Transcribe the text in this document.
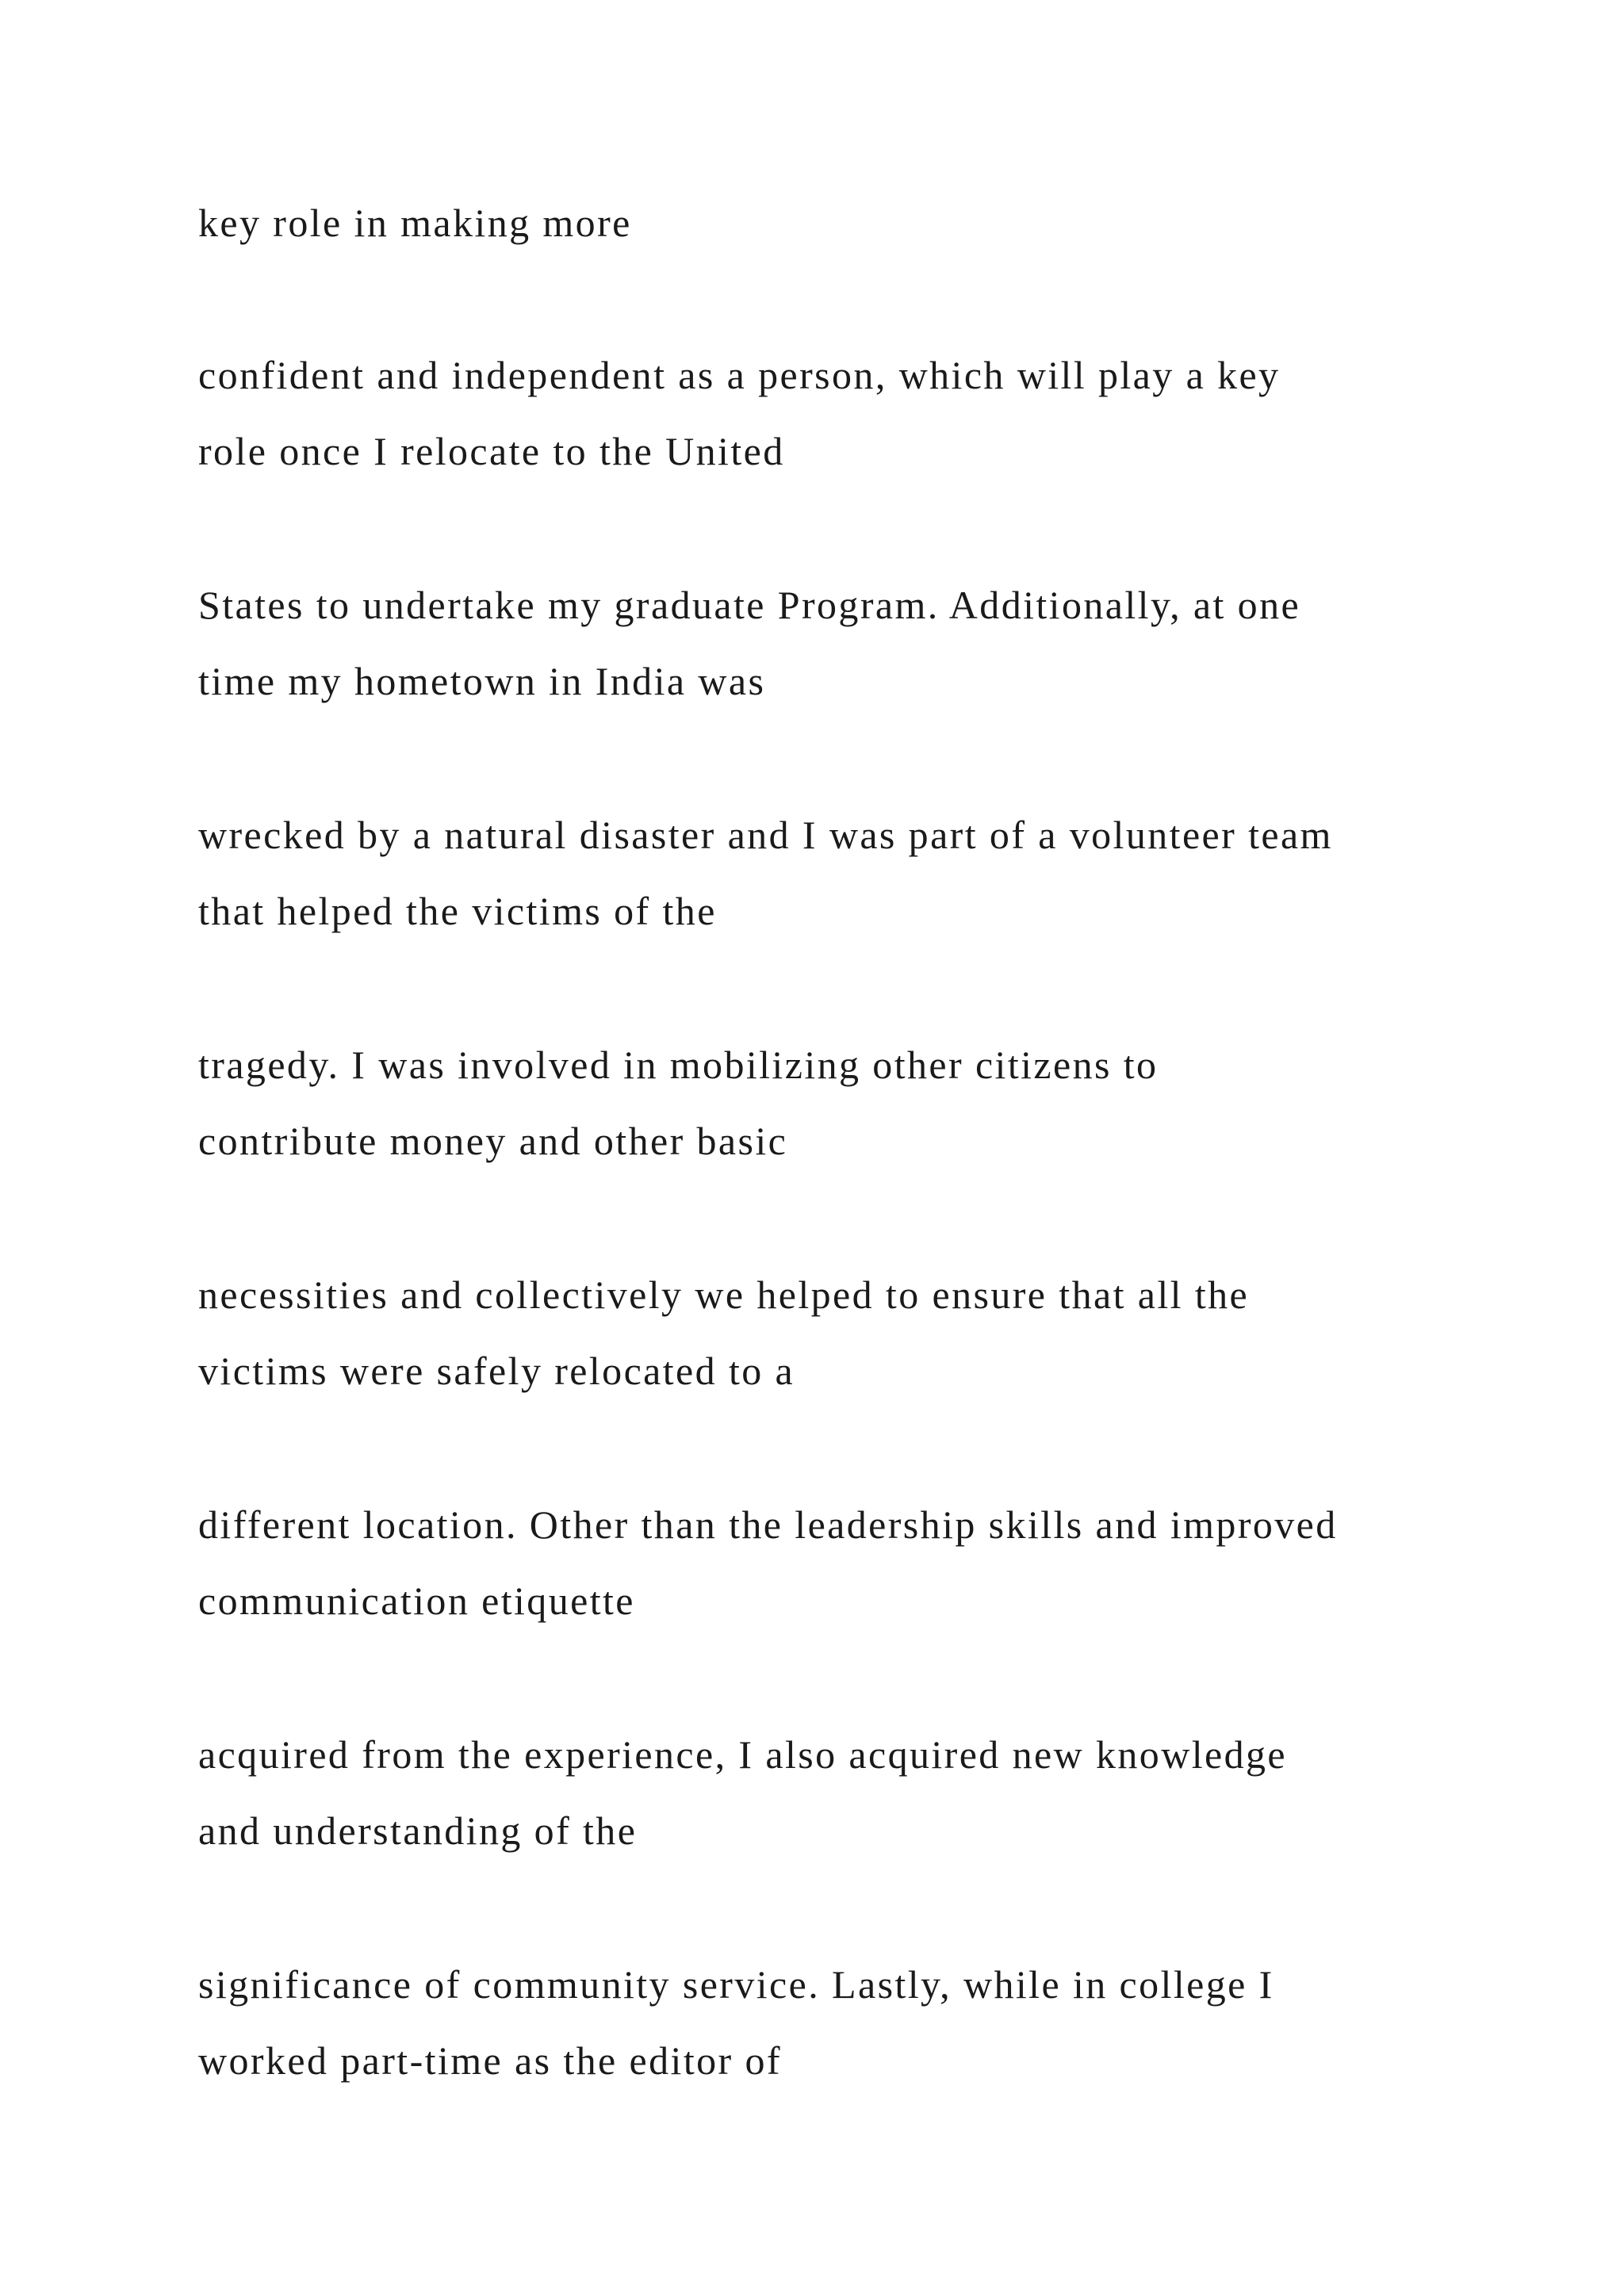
key role in making more
confident and independent as a person, which will play a key
role once I relocate to the United
States to undertake my graduate Program. Additionally, at one
time my hometown in India was
wrecked by a natural disaster and I was part of a volunteer team
that helped the victims of the
tragedy. I was involved in mobilizing other citizens to
contribute money and other basic
necessities and collectively we helped to ensure that all the
victims were safely relocated to a
different location. Other than the leadership skills and improved
communication etiquette
acquired from the experience, I also acquired new knowledge
and understanding of the
significance of community service. Lastly, while in college I
worked part-time as the editor of
